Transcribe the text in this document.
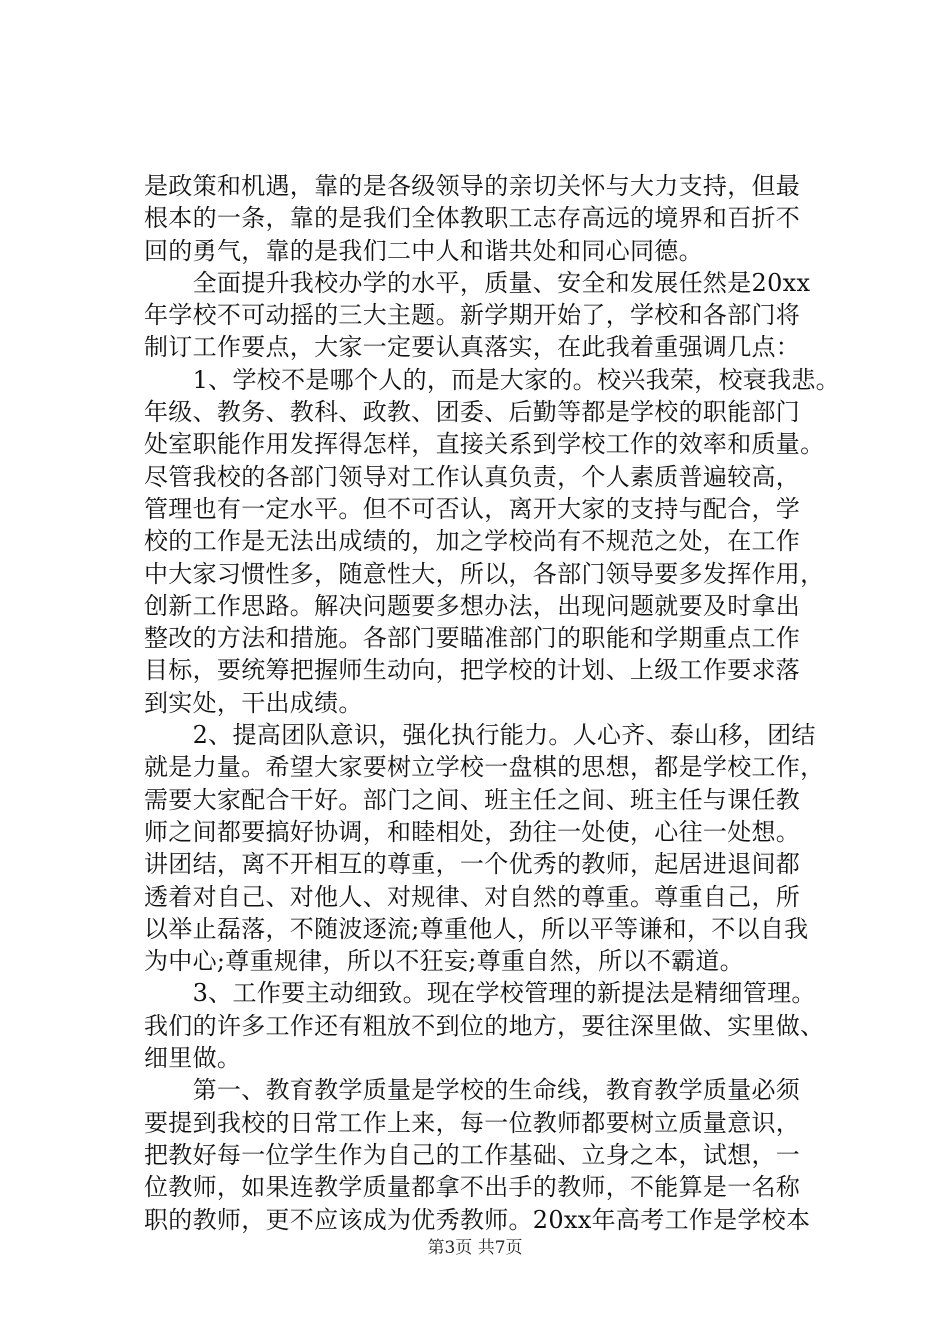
是政策和机遇，靠的是各级领导的亲切关怀与大力支持，但最
根本的一条，靠的是我们全体教职工志存高远的境界和百折不
回的勇气，靠的是我们二中人和谐共处和同心同德。
　　全面提升我校办学的水平，质量、安全和发展任然是20xx
年学校不可动摇的三大主题。新学期开始了，学校和各部门将
制订工作要点，大家一定要认真落实，在此我着重强调几点：
　　1、学校不是哪个人的，而是大家的。校兴我荣，校衰我悲。
年级、教务、教科、政教、团委、后勤等都是学校的职能部门
处室职能作用发挥得怎样，直接关系到学校工作的效率和质量。
尽管我校的各部门领导对工作认真负责，个人素质普遍较高，
管理也有一定水平。但不可否认，离开大家的支持与配合，学
校的工作是无法出成绩的，加之学校尚有不规范之处，在工作
中大家习惯性多，随意性大，所以，各部门领导要多发挥作用，
创新工作思路。解决问题要多想办法，出现问题就要及时拿出
整改的方法和措施。各部门要瞄准部门的职能和学期重点工作
目标，要统筹把握师生动向，把学校的计划、上级工作要求落
到实处，干出成绩。
　　2、提高团队意识，强化执行能力。人心齐、泰山移，团结
就是力量。希望大家要树立学校一盘棋的思想，都是学校工作，
需要大家配合干好。部门之间、班主任之间、班主任与课任教
师之间都要搞好协调，和睦相处，劲往一处使，心往一处想。
讲团结，离不开相互的尊重，一个优秀的教师，起居进退间都
透着对自己、对他人、对规律、对自然的尊重。尊重自己，所
以举止磊落，不随波逐流;尊重他人，所以平等谦和，不以自我
为中心;尊重规律，所以不狂妄;尊重自然，所以不霸道。
　　3、工作要主动细致。现在学校管理的新提法是精细管理。
我们的许多工作还有粗放不到位的地方，要往深里做、实里做、
细里做。
　　第一、教育教学质量是学校的生命线，教育教学质量必须
要提到我校的日常工作上来，每一位教师都要树立质量意识，
把教好每一位学生作为自己的工作基础、立身之本，试想，一
位教师，如果连教学质量都拿不出手的教师，不能算是一名称
职的教师，更不应该成为优秀教师。20xx年高考工作是学校本
第3页 共7页
